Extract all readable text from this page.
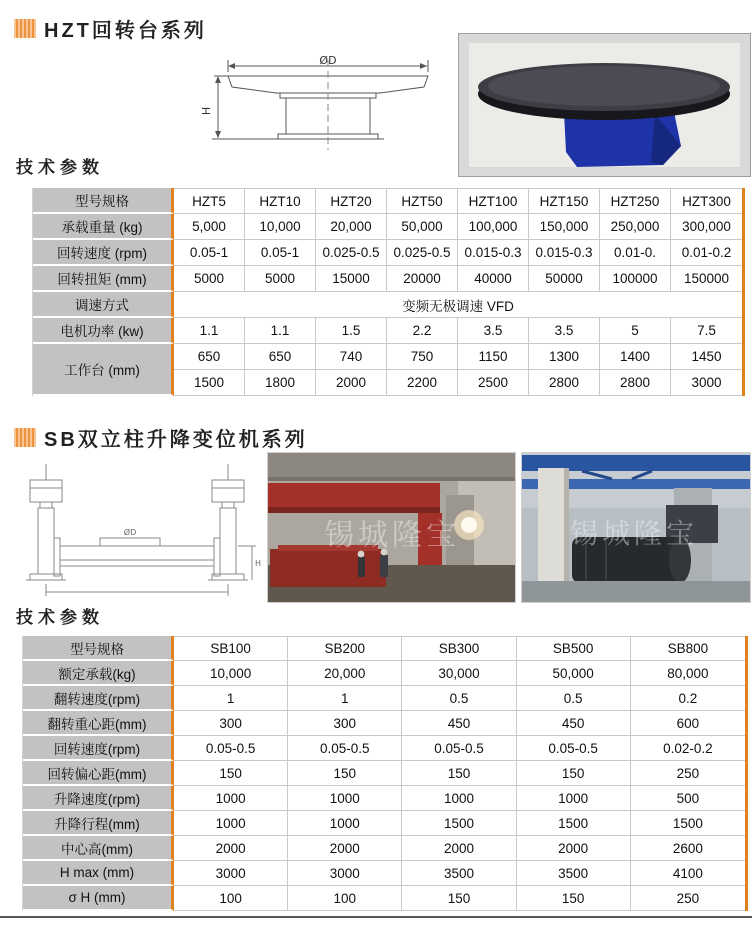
HZT回转台系列
ØD
H
技术参数
型号规格	HZT5	HZT10	HZT20	HZT50	HZT100	HZT150	HZT250	HZT300
承载重量 (kg)	5,000	10,000	20,000	50,000	100,000	150,000	250,000	300,000
回转速度 (rpm)	0.05-1	0.05-1	0.025-0.5	0.025-0.5	0.015-0.3	0.015-0.3	0.01-0.	0.01-0.2
回转扭矩 (mm)	5000	5000	15000	20000	40000	50000	100000	150000
调速方式	变频无极调速 VFD							
电机功率 (kw)	1.1	1.1	1.5	2.2	3.5	3.5	5	7.5
工作台 (mm)	650	650	740	750	1150	1300	1400	1450
	1500	1800	2000	2200	2500	2800	2800	3000
SB双立柱升降变位机系列
ØD
H
锡城隆宝	锡城隆宝
技术参数
型号规格	SB100	SB200	SB300	SB500	SB800
额定承载(kg)	10,000	20,000	30,000	50,000	80,000
翻转速度(rpm)	1	1	0.5	0.5	0.2
翻转重心距(mm)	300	300	450	450	600
回转速度(rpm)	0.05-0.5	0.05-0.5	0.05-0.5	0.05-0.5	0.02-0.2
回转偏心距(mm)	150	150	150	150	250
升降速度(rpm)	1000	1000	1000	1000	500
升降行程(mm)	1000	1000	1500	1500	1500
中心高(mm)	2000	2000	2000	2000	2600
H max (mm)	3000	3000	3500	3500	4100
σ H (mm)	100	100	150	150	250
